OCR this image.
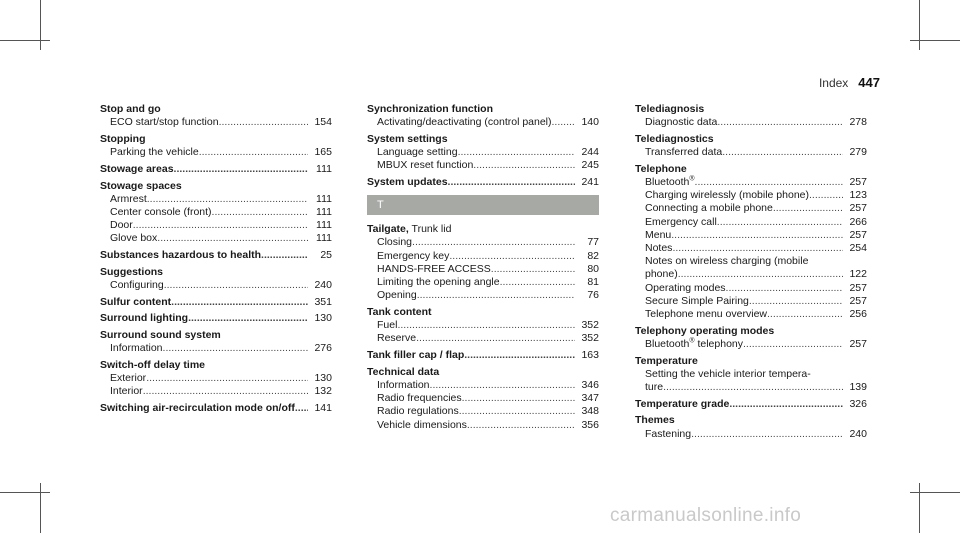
Index 447
Stop and go
ECO start/stop function .....	154
Stopping
Parking the vehicle .....	165
Stowage areas .....	111
Stowage spaces
Armrest .....	111
Center console (front) .....	111
Door .....	111
Glove box .....	111
Substances hazardous to health .....	25
Suggestions
Configuring .....	240
Sulfur content .....	351
Surround lighting .....	130
Surround sound system
Information .....	276
Switch-off delay time
Exterior .....	130
Interior .....	132
Switching air-recirculation mode on/off .....	141
Synchronization function
Activating/deactivating (control panel) .....	140
System settings
Language setting .....	244
MBUX reset function .....	245
System updates .....	241
T
Tailgate, Trunk lid
Closing .....	77
Emergency key .....	82
HANDS-FREE ACCESS .....	80
Limiting the opening angle .....	81
Opening .....	76
Tank content
Fuel .....	352
Reserve .....	352
Tank filler cap / flap .....	163
Technical data
Information .....	346
Radio frequencies .....	347
Radio regulations .....	348
Vehicle dimensions .....	356
Telediagnosis
Diagnostic data .....	278
Telediagnostics
Transferred data .....	279
Telephone
Bluetooth® .....	257
Charging wirelessly (mobile phone) .....	123
Connecting a mobile phone .....	257
Emergency call .....	266
Menu .....	257
Notes .....	254
Notes on wireless charging (mobile
phone) .....	122
Operating modes .....	257
Secure Simple Pairing .....	257
Telephone menu overview .....	256
Telephony operating modes
Bluetooth® telephony .....	257
Temperature
Setting the vehicle interior tempera-
ture .....	139
Temperature grade .....	326
Themes
Fastening .....	240
carmanualsonline.info
